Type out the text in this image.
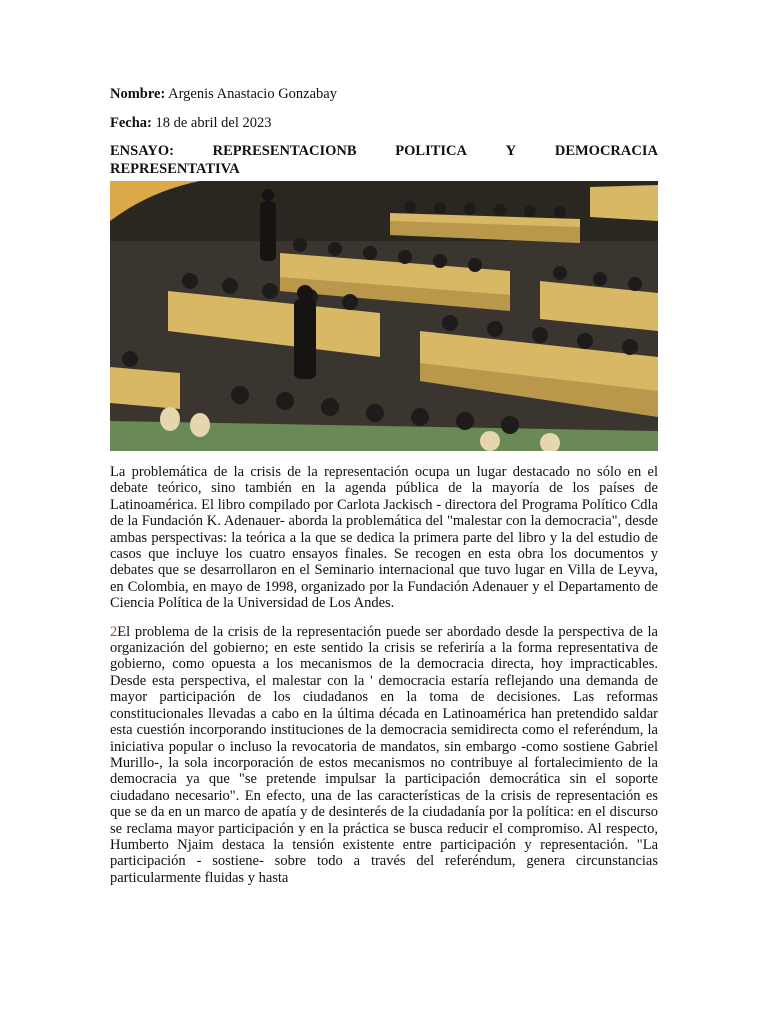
Nombre: Argenis Anastacio Gonzabay

Fecha: 18 de abril del 2023

ENSAYO:	REPRESENTACIONB	POLITICA	Y	DEMOCRACIA
REPRESENTATIVA

La problemática de la crisis de la representación ocupa un lugar destacado no sólo en el debate teórico, sino también en la agenda pública de la mayoría de los países de Latinoamérica. El libro compilado por Carlota Jackisch - directora del Programa Político Cdla de la Fundación K. Adenauer- aborda la problemática del "malestar con la democracia", desde ambas perspectivas: la teórica a la que se dedica la primera parte del libro y la del estudio de casos que incluye los cuatro ensayos finales. Se recogen en esta obra los documentos y debates que se desarrollaron en el Seminario internacional que tuvo lugar en Villa de Leyva, en Colombia, en mayo de 1998, organizado por la Fundación Adenauer y el Departamento de Ciencia Política de la Universidad de Los Andes.

2El problema de la crisis de la representación puede ser abordado desde la perspectiva de la organización del gobierno; en este sentido la crisis se referiría a la forma representativa de gobierno, como opuesta a los mecanismos de la democracia directa, hoy impracticables. Desde esta perspectiva, el malestar con la ' democracia estaría reflejando una demanda de mayor participación de los ciudadanos en la toma de decisiones. Las reformas constitucionales llevadas a cabo en la última década en Latinoamérica han pretendido saldar esta cuestión incorporando instituciones de la democracia semidirecta como el referéndum, la iniciativa popular o incluso la revocatoria de mandatos, sin embargo -como sostiene Gabriel Murillo-, la sola incorporación de estos mecanismos no contribuye al fortalecimiento de la democracia ya que "se pretende impulsar la participación democrática sin el soporte ciudadano necesario". En efecto, una de las características de la crisis de representación es que se da en un marco de apatía y de desinterés de la ciudadanía por la política: en el discurso se reclama mayor participación y en la práctica se busca reducir el compromiso. Al respecto, Humberto Njaim destaca la tensión existente entre participación y representación. "La participación - sostiene- sobre todo a través del referéndum, genera circunstancias particularmente fluidas y hasta
